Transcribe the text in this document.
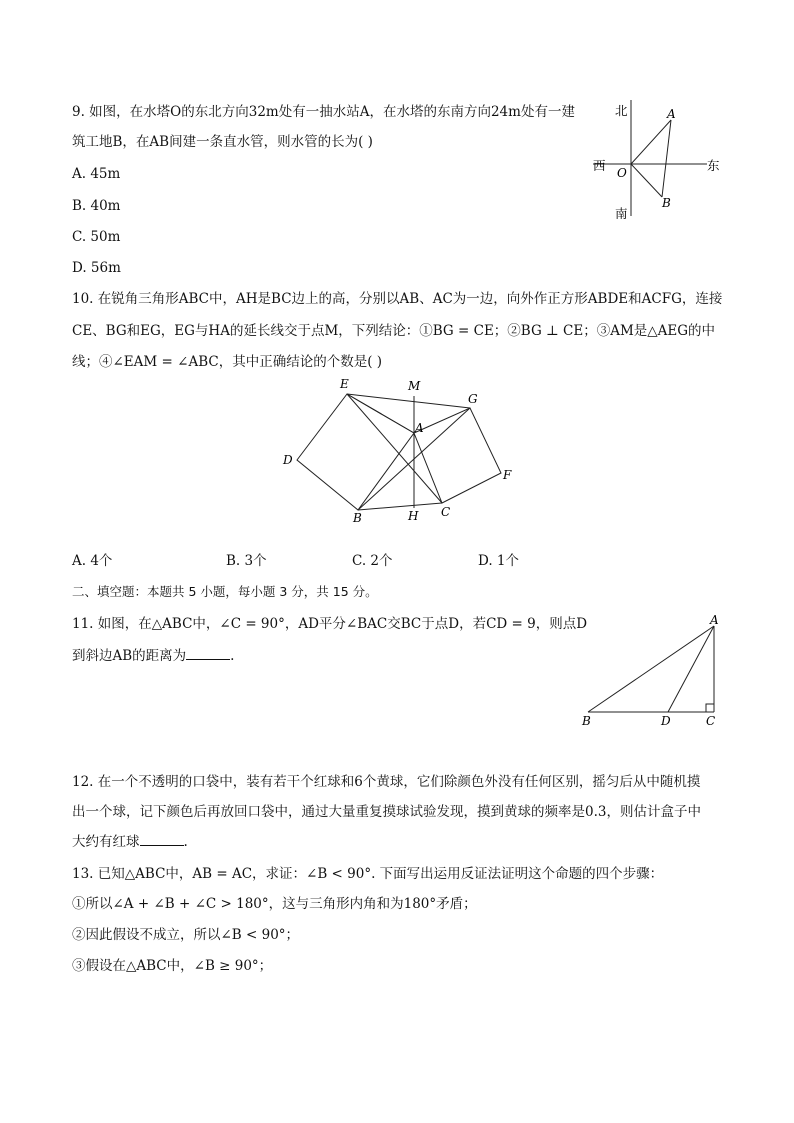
9. 如图，在水塔O的东北方向32m处有一抽水站A，在水塔的东南方向24m处有一建
筑工地B，在AB间建一条直水管，则水管的长为( )
A. 45m
B. 40m
C. 50m
D. 56m
北
西	东
南
O
A
B
10. 在锐角三角形ABC中，AH是BC边上的高，分别以AB、AC为一边，向外作正方形ABDE和ACFG，连接
CE、BG和EG，EG与HA的延长线交于点M，下列结论：①BG = CE；②BG ⊥ CE；③AM是△AEG的中
线；④∠EAM = ∠ABC，其中正确结论的个数是( )
E	M
G
A
D
F
B	H C
A. 4个	B. 3个	C. 2个	D. 1个
二、填空题：本题共 5 小题，每小题 3 分，共 15 分。
11. 如图，在△ABC中，∠C = 90°，AD平分∠BAC交BC于点D，若CD = 9，则点D
到斜边AB的距离为	.
A
B	D	C
12. 在一个不透明的口袋中，装有若干个红球和6个黄球，它们除颜色外没有任何区别，摇匀后从中随机摸
出一个球，记下颜色后再放回口袋中，通过大量重复摸球试验发现，摸到黄球的频率是0.3，则估计盒子中
大约有红球	.
13. 已知△ABC中，AB = AC，求证：∠B < 90°. 下面写出运用反证法证明这个命题的四个步骤：
①所以∠A + ∠B + ∠C > 180°，这与三角形内角和为180°矛盾；
②因此假设不成立，所以∠B < 90°；
③假设在△ABC中，∠B ≥ 90°；
